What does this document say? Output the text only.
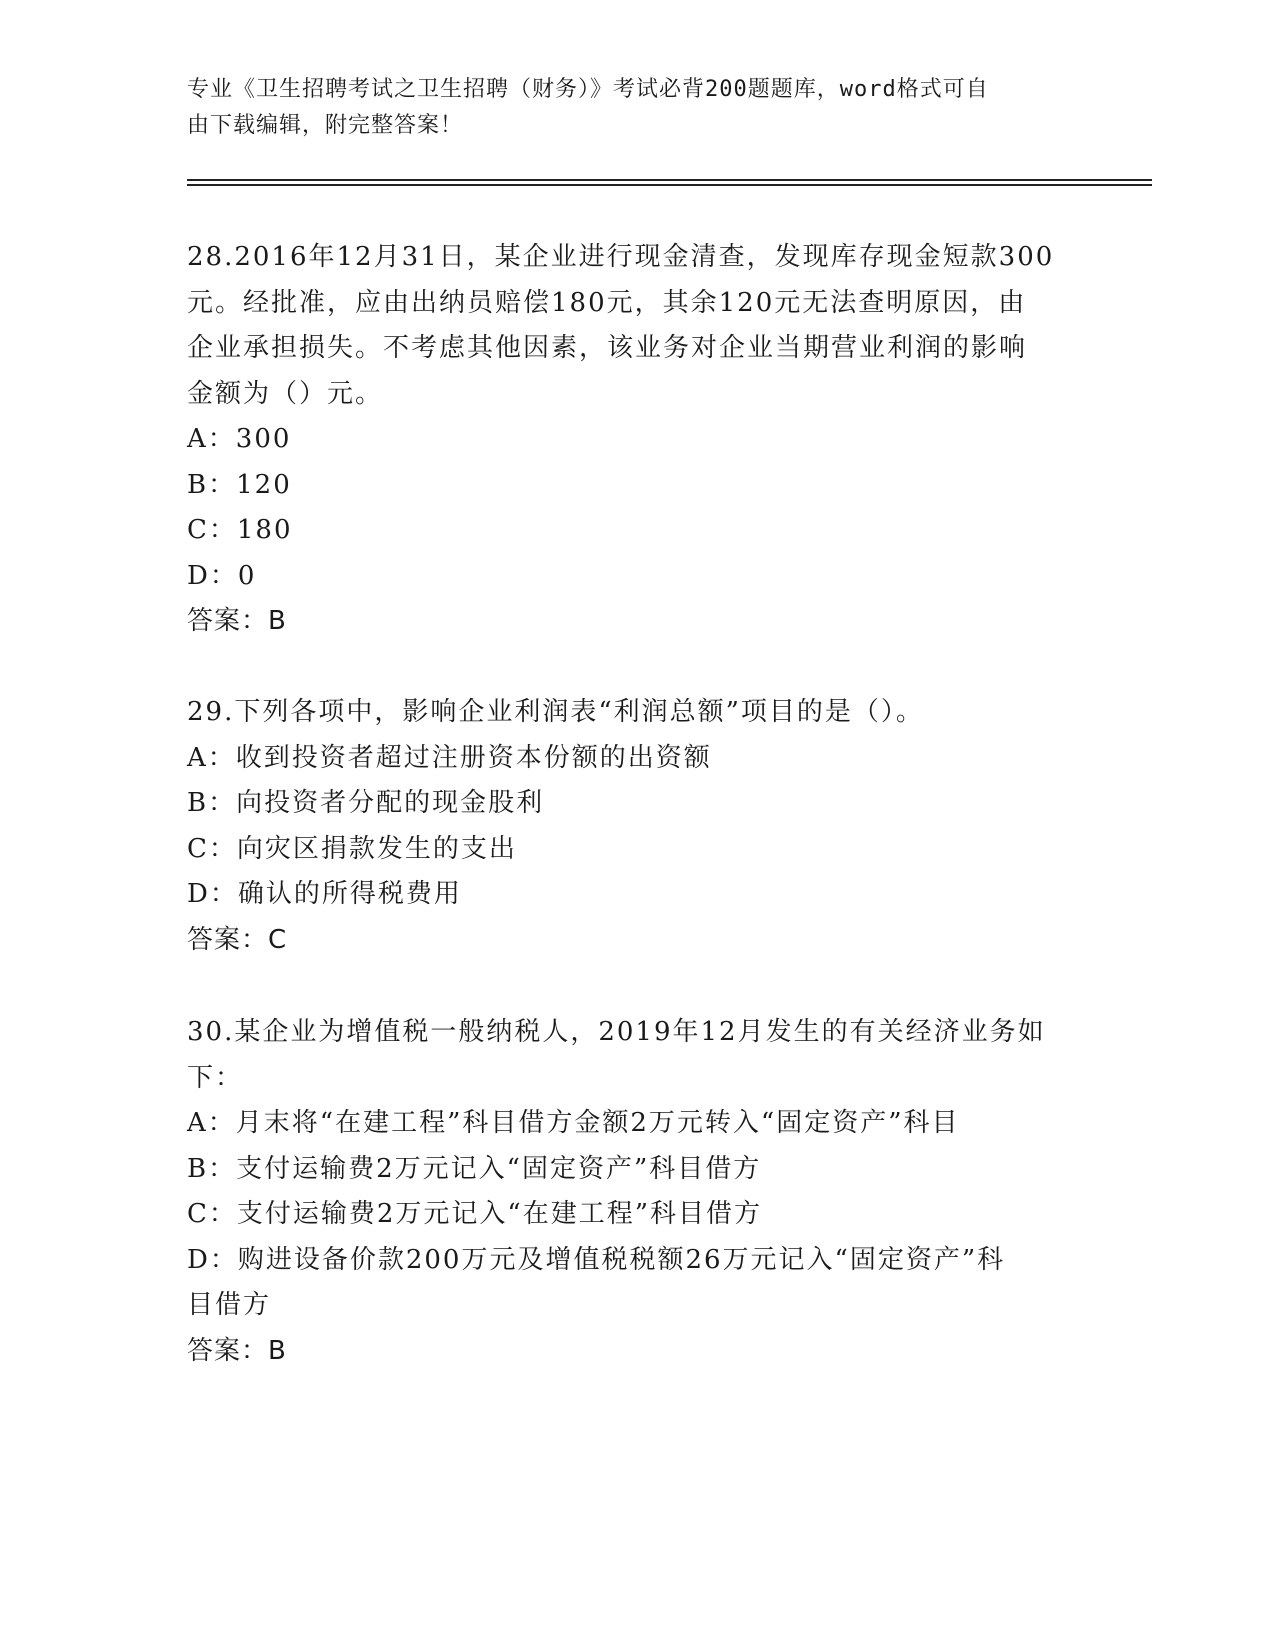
专业《卫生招聘考试之卫生招聘（财务）》考试必背200题题库，word格式可自
由下载编辑，附完整答案！

28.2016年12月31日，某企业进行现金清查，发现库存现金短款300

元。经批准，应由出纳员赔偿180元，其余120元无法查明原因，由

企业承担损失。不考虑其他因素，该业务对企业当期营业利润的影响

金额为（）元。

A：300

B：120

C：180

D：0

答案：B

29.下列各项中，影响企业利润表“利润总额”项目的是（）。

A：收到投资者超过注册资本份额的出资额

B：向投资者分配的现金股利

C：向灾区捐款发生的支出

D：确认的所得税费用

答案：C

30.某企业为增值税一般纳税人，2019年12月发生的有关经济业务如

下：

A：月末将“在建工程”科目借方金额2万元转入“固定资产”科目

B：支付运输费2万元记入“固定资产”科目借方

C：支付运输费2万元记入“在建工程”科目借方

D：购进设备价款200万元及增值税税额26万元记入“固定资产”科

目借方

答案：B
